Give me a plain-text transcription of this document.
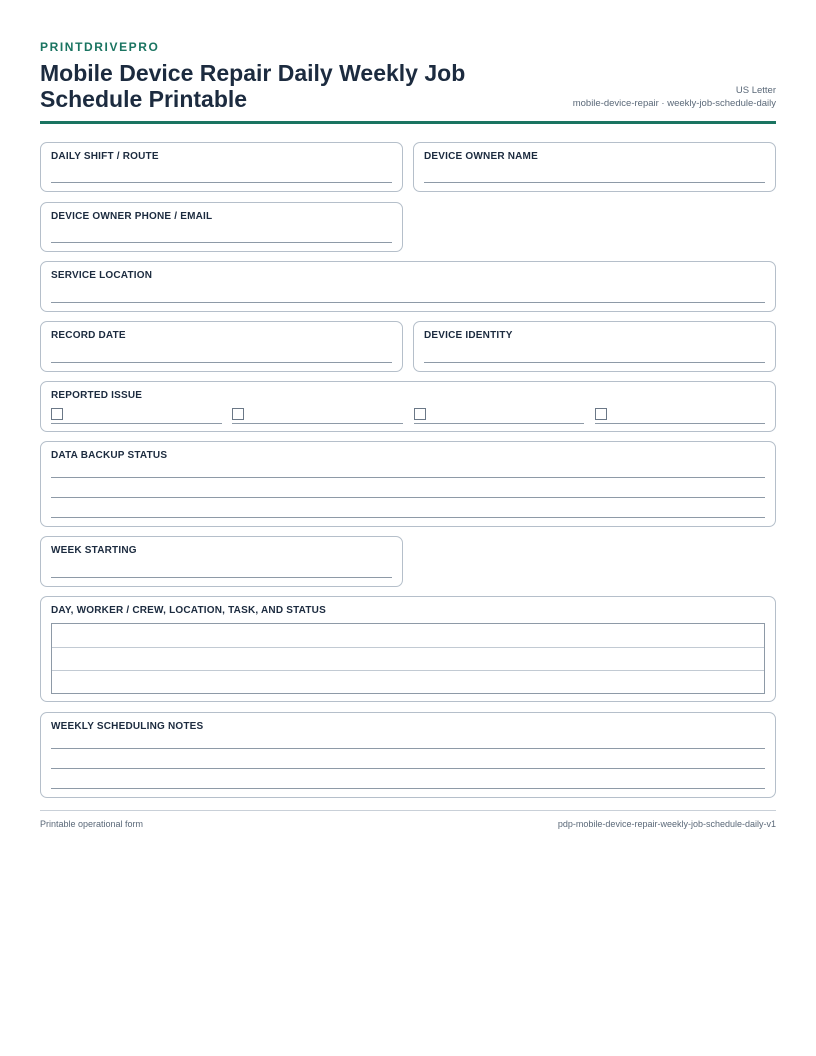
PRINTDRIVEPRO
Mobile Device Repair Daily Weekly Job Schedule Printable	US Letter
mobile-device-repair · weekly-job-schedule-daily
DAILY SHIFT / ROUTE	DEVICE OWNER NAME
DEVICE OWNER PHONE / EMAIL
SERVICE LOCATION
RECORD DATE	DEVICE IDENTITY
REPORTED ISSUE
DATA BACKUP STATUS
WEEK STARTING
DAY, WORKER / CREW, LOCATION, TASK, AND STATUS
WEEKLY SCHEDULING NOTES
Printable operational form	pdp-mobile-device-repair-weekly-job-schedule-daily-v1
